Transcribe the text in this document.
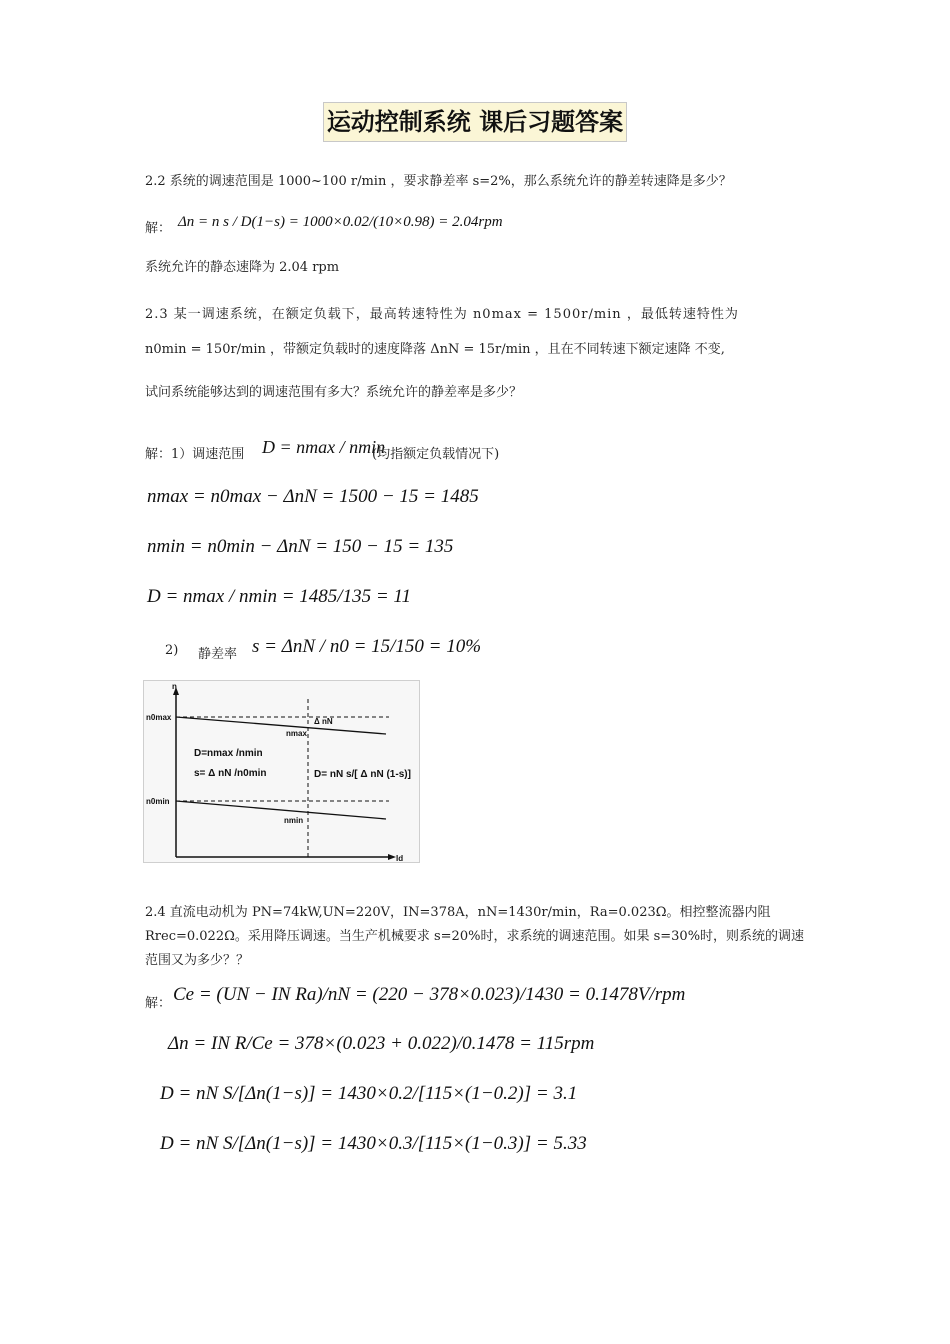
运动控制系统 课后习题答案
2.2 系统的调速范围是 1000~100 r/min ，要求静差率 s=2%，那么系统允许的静差转速降是多少？
解： Δn = n s / D(1−s) = 1000×0.02/(10×0.98) = 2.04rpm
系统允许的静态速降为 2.04 rpm
2.3 某一调速系统，在额定负载下，最高转速特性为 n0max = 1500r/min ，最低转速特性为
n0min = 150r/min ，带额定负载时的速度降落 ΔnN = 15r/min ，且在不同转速下额定速降 不变,
试问系统能够达到的调速范围有多大？系统允许的静差率是多少？
解：1）调速范围 D = nmax / nmin
(均指额定负载情况下)
nmax = n0max − ΔnN = 1500 − 15 = 1485
nmin = n0min − ΔnN = 150 − 15 = 135
D = nmax / nmin = 1485/135 = 11
2) 静差率 s = ΔnN / n0 = 15/150 = 10%
n
Id
n0max
nmax
Δ nN
n0min
nmin
D=nmax /nmin
s= Δ nN /n0min	D= nN s/[ Δ nN (1-s)]
2.4 直流电动机为 PN=74kW,UN=220V，IN=378A，nN=1430r/min，Ra=0.023Ω。相控整流器内阻 Rrec=0.022Ω。采用降压调速。当生产机械要求 s=20%时，求系统的调速范围。如果 s=30%时，则系统的调速范围又为多少？？
解： Ce = (UN − IN Ra)/nN = (220 − 378×0.023)/1430 = 0.1478V/rpm
Δn = IN R/Ce = 378×(0.023 + 0.022)/0.1478 = 115rpm
D = nN S/[Δn(1−s)] = 1430×0.2/[115×(1−0.2)] = 3.1
D = nN S/[Δn(1−s)] = 1430×0.3/[115×(1−0.3)] = 5.33
